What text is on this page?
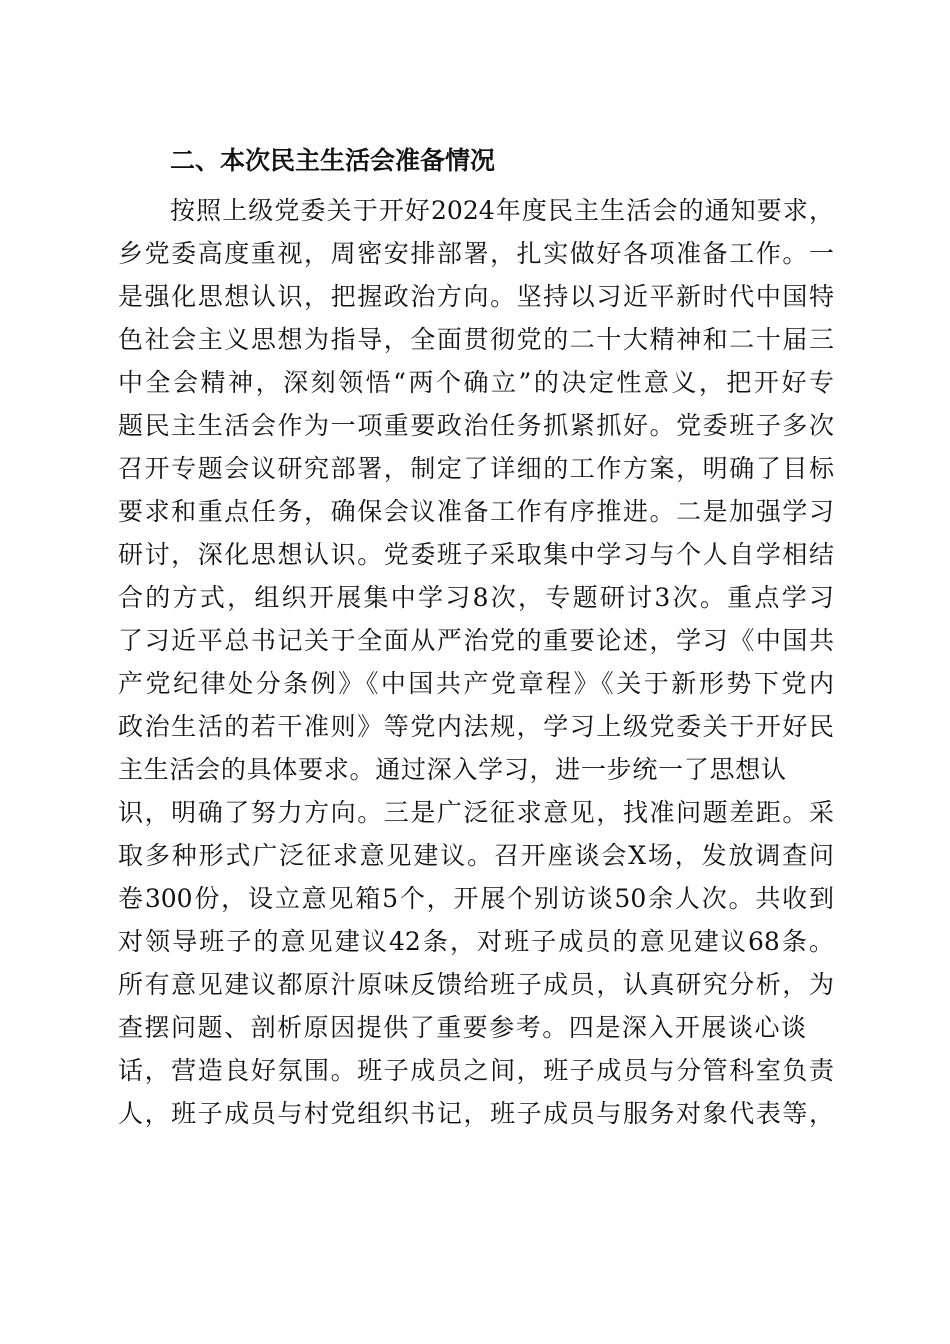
二、本次民主生活会准备情况
按照上级党委关于开好2024年度民主生活会的通知要求，
乡党委高度重视，周密安排部署，扎实做好各项准备工作。一
是强化思想认识，把握政治方向。坚持以习近平新时代中国特
色社会主义思想为指导，全面贯彻党的二十大精神和二十届三
中全会精神，深刻领悟“两个确立”的决定性意义，把开好专
题民主生活会作为一项重要政治任务抓紧抓好。党委班子多次
召开专题会议研究部署，制定了详细的工作方案，明确了目标
要求和重点任务，确保会议准备工作有序推进。二是加强学习
研讨，深化思想认识。党委班子采取集中学习与个人自学相结
合的方式，组织开展集中学习8次，专题研讨3次。重点学习
了习近平总书记关于全面从严治党的重要论述，学习《中国共
产党纪律处分条例》《中国共产党章程》《关于新形势下党内
政治生活的若干准则》等党内法规，学习上级党委关于开好民
主生活会的具体要求。通过深入学习，进一步统一了思想认
识，明确了努力方向。三是广泛征求意见，找准问题差距。采
取多种形式广泛征求意见建议。召开座谈会X场，发放调查问
卷300份，设立意见箱5个，开展个别访谈50余人次。共收到
对领导班子的意见建议42条，对班子成员的意见建议68条。
所有意见建议都原汁原味反馈给班子成员，认真研究分析，为
查摆问题、剖析原因提供了重要参考。四是深入开展谈心谈
话，营造良好氛围。班子成员之间，班子成员与分管科室负责
人，班子成员与村党组织书记，班子成员与服务对象代表等，
